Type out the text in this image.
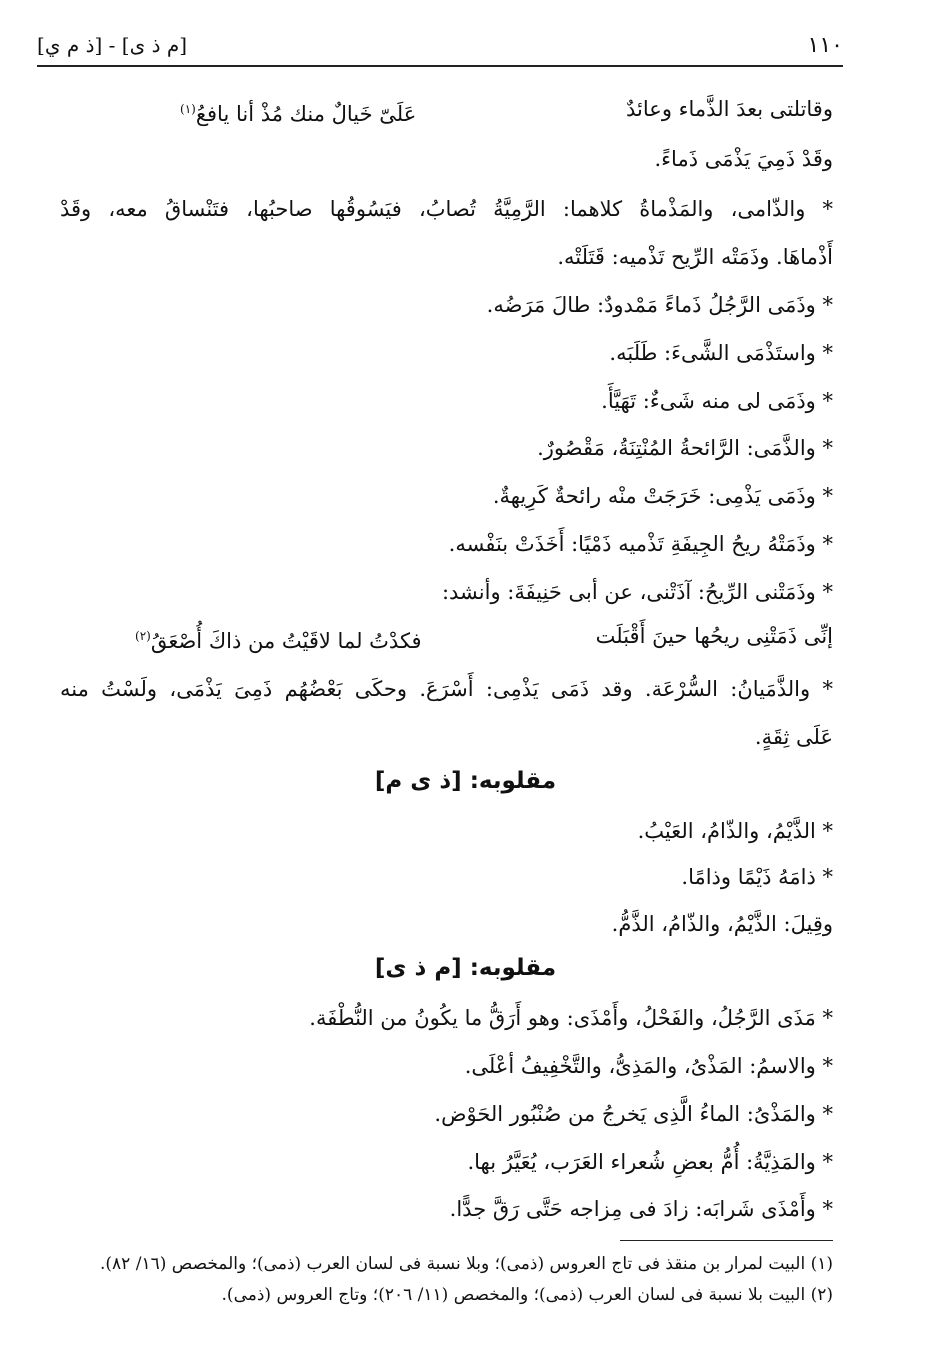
[ذ م ي] - [م ذ ى]	١١٠
وقاتلتى بعدَ الذَّماء وعائدٌ
عَلَىّ خَيالٌ منك مُذْ أنا يافعُ$^{(١)}$
وقَدْ ذَمِيَ يَذْمَى ذَماءً.
* والذّامى، والمَذْماةُ كلاهما: الرَّمِيَّةُ تُصابُ، فيَسُوقُها صاحبُها، فتَنْساقُ معه، وقَدْ
أَذْماهَا. وذَمَتْه الرِّيح تَذْميه: قَتَلَتْه.
* وذَمَى الرَّجُلُ ذَماءً مَمْدودٌ: طالَ مَرَضُه.
* واستَذْمَى الشَّىءَ: طَلَبَه.
* وذَمَى لى منه شَىءٌ: تَهَيَّأَ.
* والذَّمَى: الرَّائحةُ المُنْتِنَةُ، مَقْصُورٌ.
* وذَمَى يَذْمِى: خَرَجَتْ منْه رائحةٌ كَرِيهةٌ.
* وذَمَتْهُ ريحُ الجِيفَةِ تَذْميه ذَمْيًا: أَخَذَتْ بنَفْسه.
* وذَمَتْنى الرِّيحُ: آذَتْنى، عن أبى حَنِيفَةَ: وأنشد:
إنِّى ذَمَتْنِى ريحُها حينَ أَقْبَلَت
فكدْتُ لما لاقَيْتُ من ذاكَ أُصْعَقُ$^{(٢)}$
* والذَّمَيانُ: السُّرْعَة. وقد ذَمَى يَذْمِى: أَسْرَعَ. وحكَى بَعْضُهُم ذَمِىَ يَذْمَى، ولَسْتُ منه
عَلَى ثِقَةٍ.
مقلوبه: [ذ ى م]
* الذَّيْمُ، والذّامُ، العَيْبُ.
* ذامَهُ ذَيْمًا وذامًا.
وقِيلَ: الذَّيْمُ، والذّامُ، الذَّمُّ.
مقلوبه: [م ذ ى]
* مَذَى الرَّجُلُ، والفَحْلُ، وأَمْذَى: وهو أَرَقُّ ما يكُونُ من النُّطْفَة.
* والاسمُ: المَذْىُ، والمَذِىُّ، والتَّخْفِيفُ أعْلَى.
* والمَذْىُ: الماءُ الَّذِى يَخرجُ من صُنْبُور الحَوْض.
* والمَذِيَّةُ: أُمُّ بعضِ شُعراء العَرَب، يُعَيَّرُ بها.
* وأَمْذَى شَرابَه: زادَ فى مِزاجه حَتَّى رَقَّ جدًّا.
(١) البيت لمرار بن منقذ فى تاج العروس (ذمى)؛ وبلا نسبة فى لسان العرب (ذمى)؛ والمخصص (١٦/ ٨٢).
(٢) البيت بلا نسبة فى لسان العرب (ذمى)؛ والمخصص (١١/ ٢٠٦)؛ وتاج العروس (ذمى).
